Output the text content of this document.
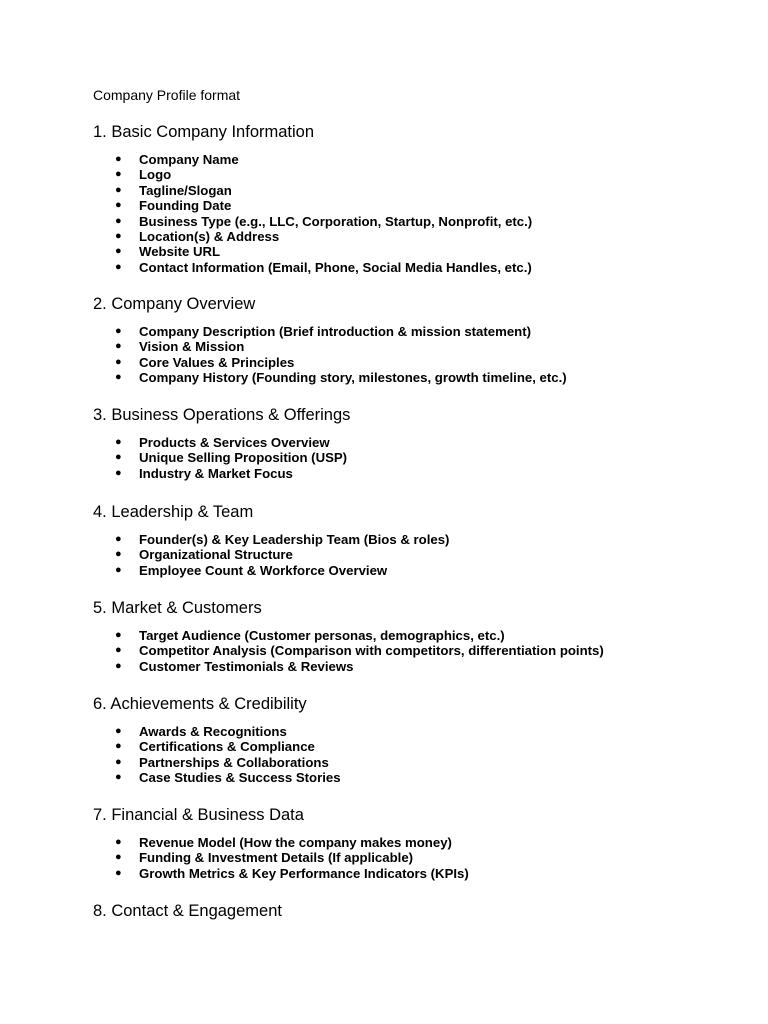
Company Profile format

1. Basic Company Information
● Company Name
● Logo
● Tagline/Slogan
● Founding Date
● Business Type (e.g., LLC, Corporation, Startup, Nonprofit, etc.)
● Location(s) & Address
● Website URL
● Contact Information (Email, Phone, Social Media Handles, etc.)
2. Company Overview
● Company Description (Brief introduction & mission statement)
● Vision & Mission
● Core Values & Principles
● Company History (Founding story, milestones, growth timeline, etc.)
3. Business Operations & Offerings
● Products & Services Overview
● Unique Selling Proposition (USP)
● Industry & Market Focus
4. Leadership & Team
● Founder(s) & Key Leadership Team (Bios & roles)
● Organizational Structure
● Employee Count & Workforce Overview
5. Market & Customers
● Target Audience (Customer personas, demographics, etc.)
● Competitor Analysis (Comparison with competitors, differentiation points)
● Customer Testimonials & Reviews
6. Achievements & Credibility
● Awards & Recognitions
● Certifications & Compliance
● Partnerships & Collaborations
● Case Studies & Success Stories
7. Financial & Business Data
● Revenue Model (How the company makes money)
● Funding & Investment Details (If applicable)
● Growth Metrics & Key Performance Indicators (KPIs)
8. Contact & Engagement
